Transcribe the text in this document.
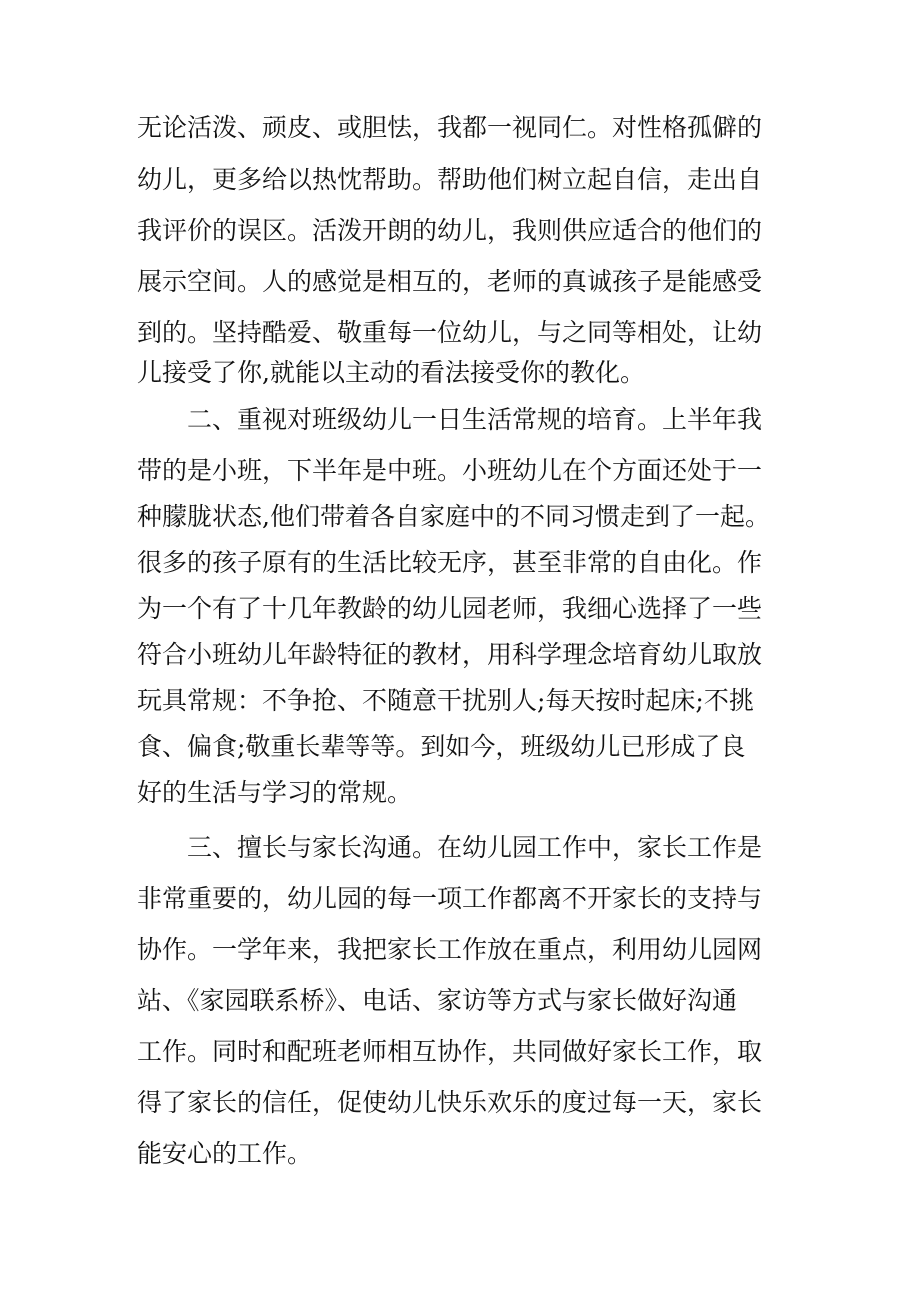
无论活泼、顽皮、或胆怯，我都一视同仁。对性格孤僻的
幼儿，更多给以热忱帮助。帮助他们树立起自信，走出自
我评价的误区。活泼开朗的幼儿，我则供应适合的他们的
展示空间。人的感觉是相互的，老师的真诚孩子是能感受
到的。坚持酷爱、敬重每一位幼儿，与之同等相处，让幼
儿接受了你,就能以主动的看法接受你的教化。
二、重视对班级幼儿一日生活常规的培育。上半年我
带的是小班，下半年是中班。小班幼儿在个方面还处于一
种朦胧状态,他们带着各自家庭中的不同习惯走到了一起。
很多的孩子原有的生活比较无序，甚至非常的自由化。作
为一个有了十几年教龄的幼儿园老师，我细心选择了一些
符合小班幼儿年龄特征的教材，用科学理念培育幼儿取放
玩具常规：不争抢、不随意干扰别人;每天按时起床;不挑
食、偏食;敬重长辈等等。到如今，班级幼儿已形成了良
好的生活与学习的常规。
三、擅长与家长沟通。在幼儿园工作中，家长工作是
非常重要的，幼儿园的每一项工作都离不开家长的支持与
协作。一学年来，我把家长工作放在重点，利用幼儿园网
站、《家园联系桥》、电话、家访等方式与家长做好沟通
工作。同时和配班老师相互协作，共同做好家长工作，取
得了家长的信任，促使幼儿快乐欢乐的度过每一天，家长
能安心的工作。
